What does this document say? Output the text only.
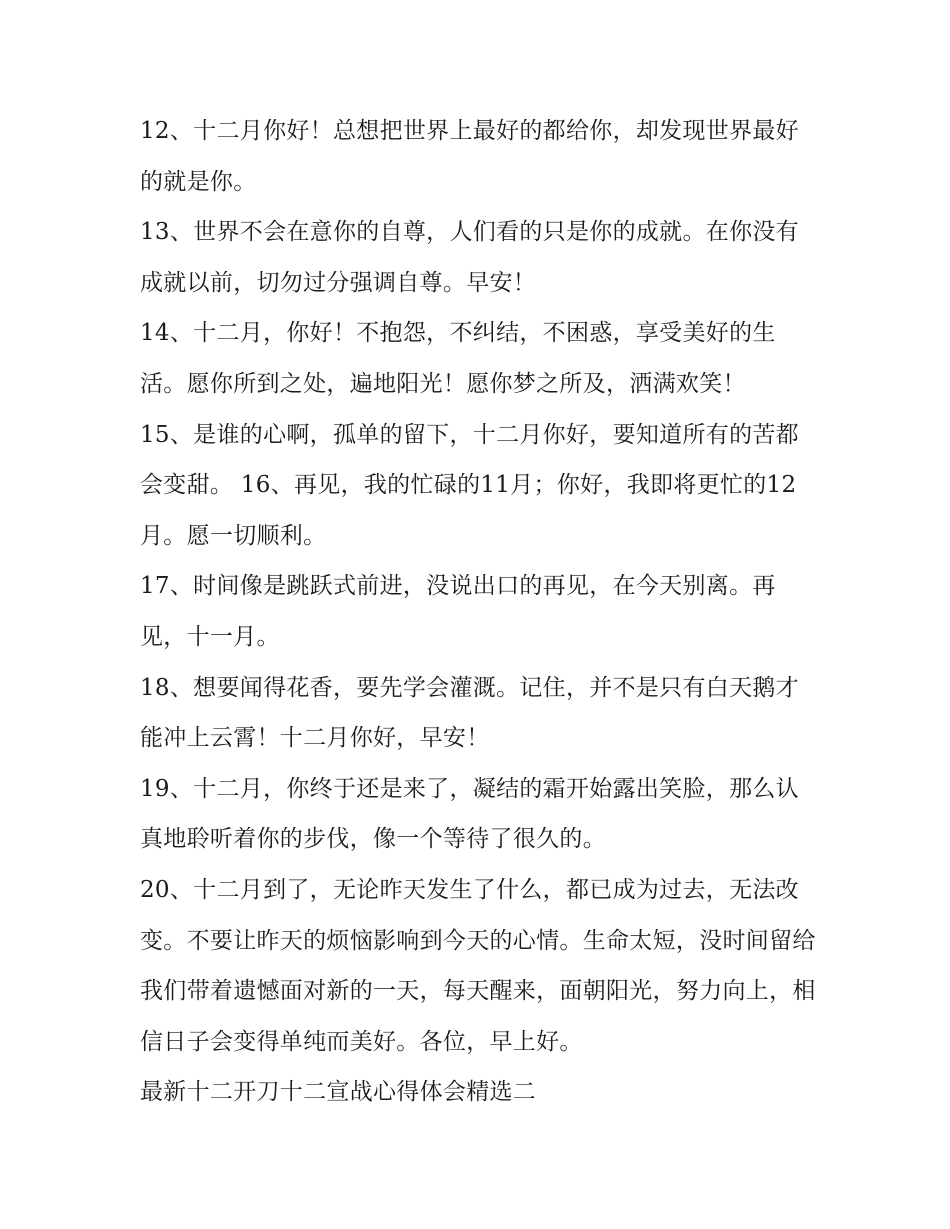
12、十二月你好！总想把世界上最好的都给你，却发现世界最好的就是你。

13、世界不会在意你的自尊，人们看的只是你的成就。在你没有成就以前，切勿过分强调自尊。早安！

14、十二月，你好！不抱怨，不纠结，不困惑，享受美好的生活。愿你所到之处，遍地阳光！愿你梦之所及，洒满欢笑！

15、是谁的心啊，孤单的留下，十二月你好，要知道所有的苦都会变甜。 16、再见，我的忙碌的11月；你好，我即将更忙的12月。愿一切顺利。

17、时间像是跳跃式前进，没说出口的再见，在今天别离。再见，十一月。

18、想要闻得花香，要先学会灌溉。记住，并不是只有白天鹅才能冲上云霄！十二月你好，早安！

19、十二月，你终于还是来了，凝结的霜开始露出笑脸，那么认真地聆听着你的步伐，像一个等待了很久的。

20、十二月到了，无论昨天发生了什么，都已成为过去，无法改变。不要让昨天的烦恼影响到今天的心情。生命太短，没时间留给我们带着遗憾面对新的一天，每天醒来，面朝阳光，努力向上，相信日子会变得单纯而美好。各位，早上好。

最新十二开刀十二宣战心得体会精选二
